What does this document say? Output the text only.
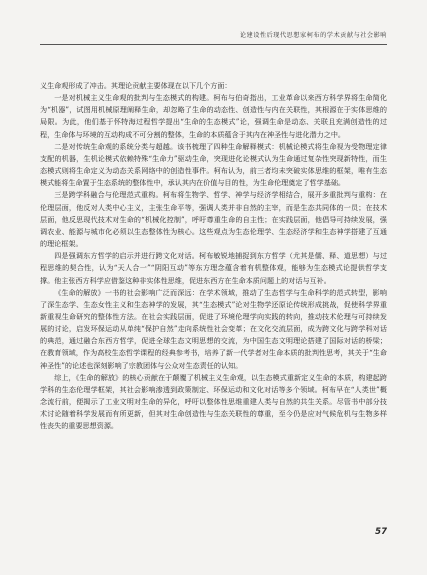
论建设性后现代思想家柯布的学术贡献与社会影响

义生命观形成了冲击。其理论贡献主要体现在以下几个方面：

一是对机械主义生命观的批判与生态模式的构建。柯布与伯奇指出，工业革命以来西方科学界将生命简化为“机器”，试图用机械原理阐释生命，却忽略了生命的动态性、创造性与内在关联性，其根源在于实体思维的局限。为此，他们基于怀特海过程哲学提出“生命的生态模式”论，强调生命是动态、关联且充满创造性的过程，生命体与环境的互动构成不可分割的整体，生命的本质蕴含于其内在神圣性与进化潜力之中。

二是对传统生命观的系统分类与超越。该书梳理了四种生命解释模式：机械论模式将生命视为受物理定律支配的机器，生机论模式依赖特殊“生命力”驱动生命，突现进化论模式认为生命通过复杂性突现新特性，而生态模式则将生命定义为动态关系网络中的创造性事件。柯布认为，前三者均未突破实体思维的框架，唯有生态模式能将生命置于生态系统的整体性中，承认其内在价值与目的性，为生命伦理奠定了哲学基础。

三是跨学科融合与伦理范式重构。柯布将生物学、哲学、神学与经济学相结合，展开多重批判与重构：在伦理层面，他反对人类中心主义，主张生命平等，强调人类并非自然的主宰，而是生态共同体的一员；在技术层面，他反思现代技术对生命的“机械化控制”，呼吁尊重生命的自主性；在实践层面，他倡导可持续发展，强调农业、能源与城市化必须以生态整体性为核心。这些观点为生态伦理学、生态经济学和生态神学搭建了互通的理论框架。

四是强调东方哲学的启示并进行跨文化对话。柯布敏锐地捕捉到东方哲学（尤其是儒、释、道思想）与过程思维的契合性，认为“天人合一”“阴阳互动”等东方理念蕴含着有机整体观，能够为生态模式论提供哲学支撑。他主张西方科学应借鉴这种非实体性思维，促进东西方在生命本质问题上的对话与互补。

《生命的解放》一书的社会影响广泛而深远：在学术领域，推动了生态哲学与生命科学的范式转型，影响了深生态学、生态女性主义和生态神学的发展，其“生态模式”论对生物学还原论传统形成挑战，促使科学界重新重视生命研究的整体性方法。在社会实践层面，促进了环境伦理学向实践的转向，推动技术伦理与可持续发展的讨论，启发环保运动从单纯“保护自然”走向系统性社会变革；在文化交流层面，成为跨文化与跨学科对话的典范，通过融合东西方哲学，促进全球生态文明思想的交流，为中国生态文明理论搭建了国际对话的桥梁；在教育领域，作为高校生态哲学课程的经典参考书，培养了新一代学者对生命本质的批判性思考，其关于“生命神圣性”的论述也深刻影响了宗教团体与公众对生态责任的认知。

综上，《生命的解放》的核心贡献在于颠覆了机械主义生命观，以生态模式重新定义生命的本质，构建起跨学科的生态伦理学框架，其社会影响渗透到政策制定、环保运动和文化对话等多个领域。柯布早在“人类世”概念流行前，便揭示了工业文明对生命的异化，呼吁以整体性思维重建人类与自然的共生关系。尽管书中部分技术讨论随着科学发展而有所更新，但其对生命创造性与生态关联性的尊重，至今仍是应对气候危机与生物多样性丧失的重要思想资源。

57
